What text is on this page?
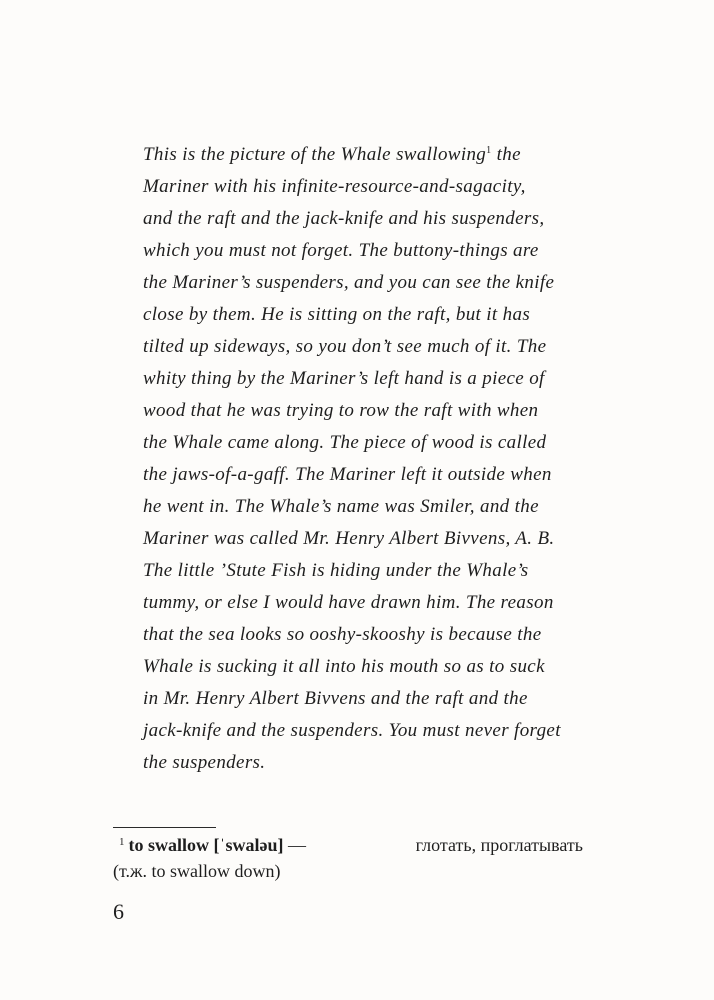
This is the picture of the Whale swallowing$^1$ the
Mariner with his infinite-resource-and-sagacity,
and the raft and the jack-knife and his suspenders,
which you must not forget. The buttony-things are
the Mariner’s suspenders, and you can see the knife
close by them. He is sitting on the raft, but it has
tilted up sideways, so you don’t see much of it. The
whity thing by the Mariner’s left hand is a piece of
wood that he was trying to row the raft with when
the Whale came along. The piece of wood is called
the jaws-of-a-gaff. The Mariner left it outside when
he went in. The Whale’s name was Smiler, and the
Mariner was called Mr. Henry Albert Bivvens, A. B.
The little ’Stute Fish is hiding under the Whale’s
tummy, or else I would have drawn him. The reason
that the sea looks so ooshy-skooshy is because the
Whale is sucking it all into his mouth so as to suck
in Mr. Henry Albert Bivvens and the raft and the
jack-knife and the suspenders. You must never forget
the suspenders.
$^1$ to swallow [ˈswaləu] —	глотать, проглатывать
(т.ж. to swallow down)
6
